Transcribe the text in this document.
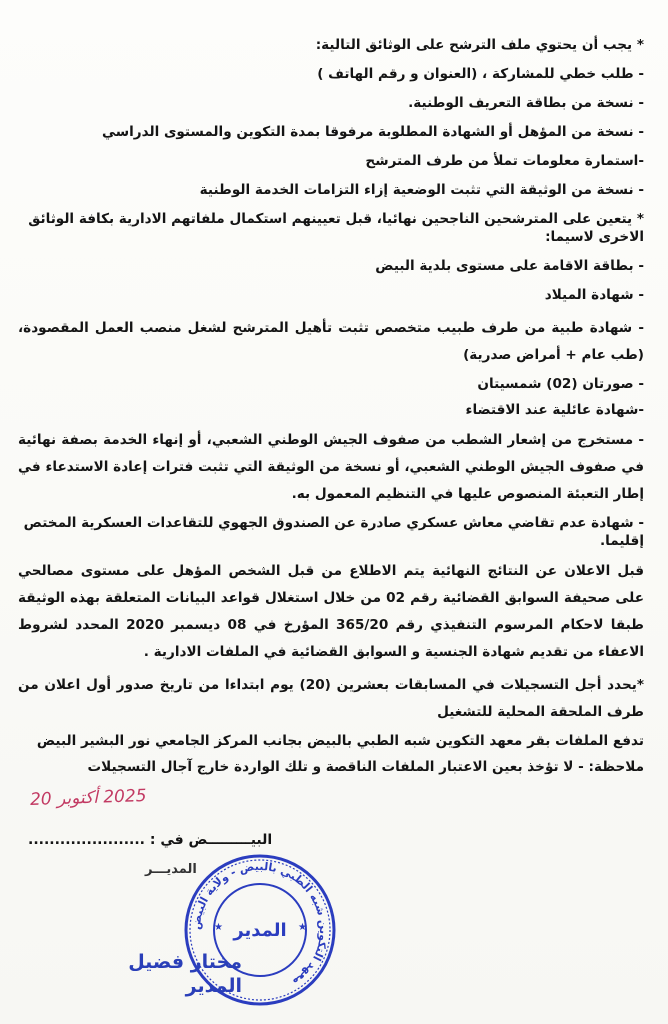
* يجب أن يحتوي ملف الترشح على الوثائق التالية:

- طلب خطي للمشاركة ، (العنوان و رقم الهاتف )

- نسخة من بطاقة التعريف الوطنية.

- نسخة من المؤهل أو الشهادة المطلوبة مرفوقا بمدة التكوين والمستوى الدراسي

-استمارة معلومات تملأ من طرف المترشح

- نسخة من الوثيقة التي تثبت الوضعية إزاء التزامات الخدمة الوطنية

* يتعين على المترشحين الناجحين نهائيا، قبل تعيينهم استكمال ملفاتهم الادارية بكافة الوثائق الاخرى لاسيما:

- بطاقة الاقامة على مستوى بلدية البيض

- شهادة الميلاد

- شهادة طبية من طرف طبيب متخصص تثبت تأهيل المترشح لشغل منصب العمل المقصودة،(طب عام + أمراض صدرية)

- صورتان (02) شمسيتان

-شهادة عائلية عند الاقتضاء

- مستخرج من إشعار الشطب من صفوف الجيش الوطني الشعبي، أو إنهاء الخدمة بصفة نهائية في صفوف الجيش الوطني الشعبي، أو نسخة من الوثيقة التي تثبت فترات إعادة الاستدعاء في إطار التعبئة المنصوص عليها في التنظيم المعمول به.

- شهادة عدم تقاضي معاش عسكري صادرة عن الصندوق الجهوي للتقاعدات العسكرية المختص إقليما.

قبل الاعلان عن النتائج النهائية يتم الاطلاع من قبل الشخص المؤهل على مستوى مصالحي على صحيفة السوابق القضائية رقم 02 من خلال استغلال قواعد البيانات المتعلقة بهذه الوثيقة طبقا لاحكام المرسوم التنفيذي رقم 365/20 المؤرخ في 08 ديسمبر 2020 المحدد لشروط الاعفاء من تقديم شهادة الجنسية و السوابق القضائية في الملفات الادارية .

*يحدد أجل التسجيلات في المسابقات بعشرين (20) يوم ابتداءا من تاريخ صدور أول اعلان من طرف الملحقة المحلية للتشغيل

تدفع الملفات بقر معهد التكوين شبه الطبي بالبيض بجانب المركز الجامعي نور البشير البيض

ملاحظة: - لا تؤخذ بعين الاعتبار الملفات الناقصة و تلك الواردة خارج آجال التسجيلات

2025 أكتوبر 20
البيـــــــــض في : ......................
المديـــر
معهد التكوين شبه الطبي بالبيض - ولاية البيض
المدير
★	★
مختار فضيل
المدير
